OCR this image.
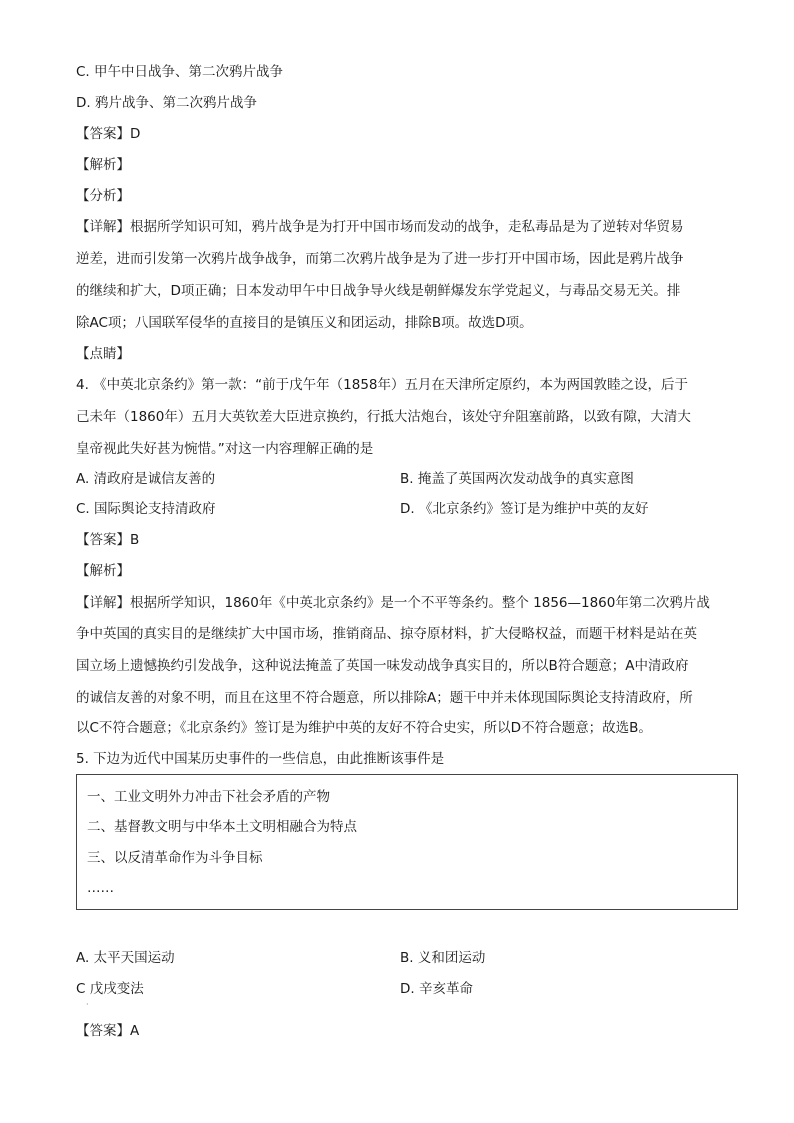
C. 甲午中日战争、第二次鸦片战争
D. 鸦片战争、第二次鸦片战争
【答案】D
【解析】
【分析】
【详解】根据所学知识可知，鸦片战争是为打开中国市场而发动的战争，走私毒品是为了逆转对华贸易
逆差，进而引发第一次鸦片战争战争，而第二次鸦片战争是为了进一步打开中国市场，因此是鸦片战争
的继续和扩大，D项正确；日本发动甲午中日战争导火线是朝鲜爆发东学党起义，与毒品交易无关。排
除AC项；八国联军侵华的直接目的是镇压义和团运动，排除B项。故选D项。
【点睛】
4. 《中英北京条约》第一款：“前于戊午年（1858年）五月在天津所定原约，本为两国敦睦之设，后于
己未年（1860年）五月大英钦差大臣进京换约，行抵大沽炮台，该处守弁阻塞前路，以致有隙，大清大
皇帝视此失好甚为惋惜。”对这一内容理解正确的是
A. 清政府是诚信友善的	B. 掩盖了英国两次发动战争的真实意图
C. 国际舆论支持清政府	D. 《北京条约》签订是为维护中英的友好
【答案】B
【解析】
【详解】根据所学知识，1860年《中英北京条约》是一个不平等条约。整个 1856—1860年第二次鸦片战
争中英国的真实目的是继续扩大中国市场，推销商品、掠夺原材料，扩大侵略权益，而题干材料是站在英
国立场上遗憾换约引发战争，这种说法掩盖了英国一味发动战争真实目的，所以B符合题意；A中清政府
的诚信友善的对象不明，而且在这里不符合题意，所以排除A；题干中并未体现国际舆论支持清政府，所
以C不符合题意；《北京条约》签订是为维护中英的友好不符合史实，所以D不符合题意；故选B。
5. 下边为近代中国某历史事件的一些信息，由此推断该事件是
一、工业文明外力冲击下社会矛盾的产物
二、基督教文明与中华本土文明相融合为特点
三、以反清革命作为斗争目标
……
A. 太平天国运动	B. 义和团运动
C 戊戌变法	D. 辛亥革命
·
【答案】A
